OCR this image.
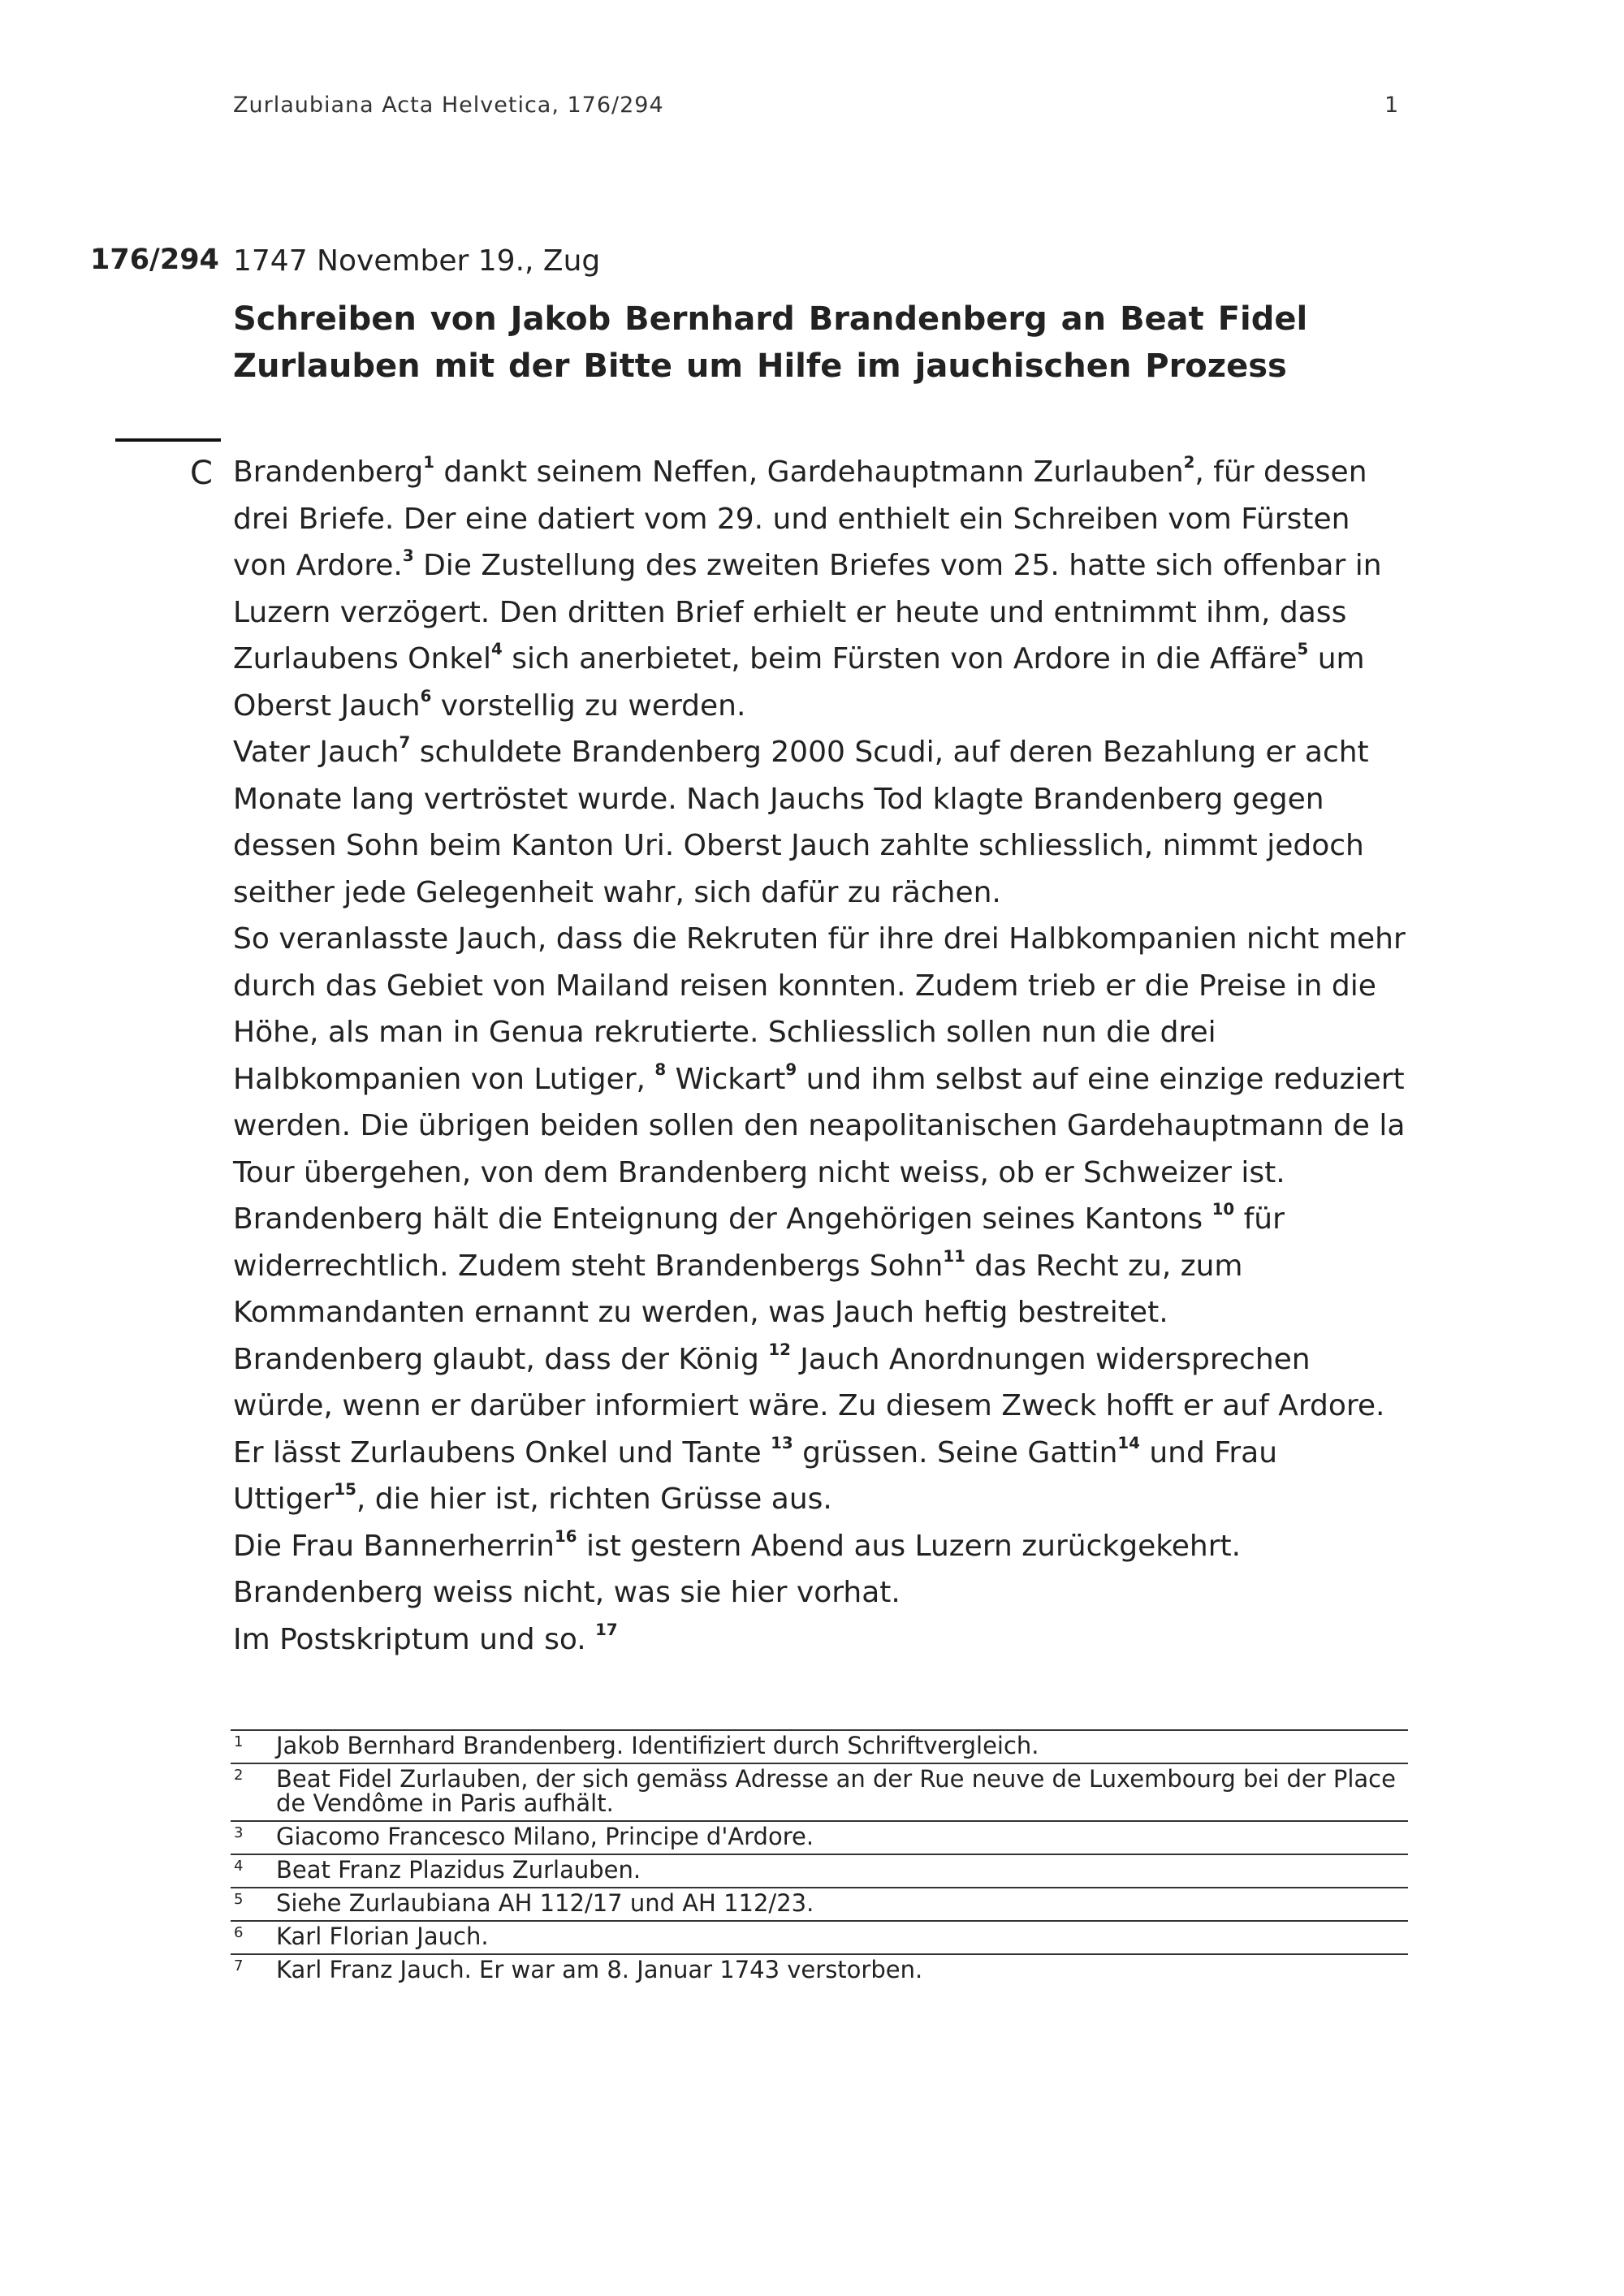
Zurlaubiana Acta Helvetica, 176/294	1
176/294 1747 November 19., Zug
Schreiben von Jakob Bernhard Brandenberg an Beat Fidel Zurlauben mit der Bitte um Hilfe im jauchischen Prozess
C Brandenberg$^1$ dankt seinem Neffen, Gardehauptmann Zurlauben$^2$, für dessen

drei Briefe. Der eine datiert vom 29. und enthielt ein Schreiben vom Fürsten

von Ardore.$^3$ Die Zustellung des zweiten Briefes vom 25. hatte sich offenbar in

Luzern verzögert. Den dritten Brief erhielt er heute und entnimmt ihm, dass

Zurlaubens Onkel$^4$ sich anerbietet, beim Fürsten von Ardore in die Affäre$^5$ um

Oberst Jauch$^6$ vorstellig zu werden.

Vater Jauch$^7$ schuldete Brandenberg 2000 Scudi, auf deren Bezahlung er acht

Monate lang vertröstet wurde. Nach Jauchs Tod klagte Brandenberg gegen

dessen Sohn beim Kanton Uri. Oberst Jauch zahlte schliesslich, nimmt jedoch

seither jede Gelegenheit wahr, sich dafür zu rächen.

So veranlasste Jauch, dass die Rekruten für ihre drei Halbkompanien nicht mehr

durch das Gebiet von Mailand reisen konnten. Zudem trieb er die Preise in die

Höhe, als man in Genua rekrutierte. Schliesslich sollen nun die drei

Halbkompanien von Lutiger, $^8$ Wickart$^9$ und ihm selbst auf eine einzige reduziert

werden. Die übrigen beiden sollen den neapolitanischen Gardehauptmann de la

Tour übergehen, von dem Brandenberg nicht weiss, ob er Schweizer ist.

Brandenberg hält die Enteignung der Angehörigen seines Kantons $^{10}$ für

widerrechtlich. Zudem steht Brandenbergs Sohn$^{11}$ das Recht zu, zum

Kommandanten ernannt zu werden, was Jauch heftig bestreitet.

Brandenberg glaubt, dass der König $^{12}$ Jauch Anordnungen widersprechen

würde, wenn er darüber informiert wäre. Zu diesem Zweck hofft er auf Ardore.

Er lässt Zurlaubens Onkel und Tante $^{13}$ grüssen. Seine Gattin$^{14}$ und Frau

Uttiger$^{15}$, die hier ist, richten Grüsse aus.

Die Frau Bannerherrin$^{16}$ ist gestern Abend aus Luzern zurückgekehrt.

Brandenberg weiss nicht, was sie hier vorhat.

Im Postskriptum und so. $^{17}$

1	Jakob Bernhard Brandenberg. Identifiziert durch Schriftvergleich.
2	Beat Fidel Zurlauben, der sich gemäss Adresse an der Rue neuve de Luxembourg bei der Place de Vendôme in Paris aufhält.
3	Giacomo Francesco Milano, Principe d'Ardore.
4	Beat Franz Plazidus Zurlauben.
5	Siehe Zurlaubiana AH 112/17 und AH 112/23.
6	Karl Florian Jauch.
7	Karl Franz Jauch. Er war am 8. Januar 1743 verstorben.
